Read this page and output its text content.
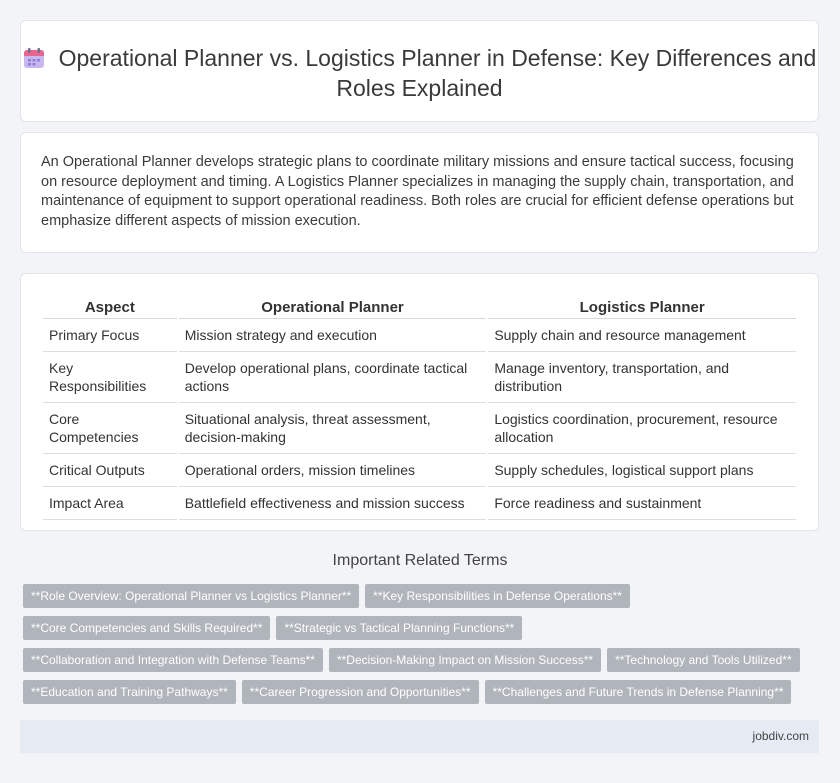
Operational Planner vs. Logistics Planner in Defense: Key Differences and Roles Explained

An Operational Planner develops strategic plans to coordinate military missions and ensure tactical success, focusing on resource deployment and timing. A Logistics Planner specializes in managing the supply chain, transportation, and maintenance of equipment to support operational readiness. Both roles are crucial for efficient defense operations but emphasize different aspects of mission execution.

Aspect	Operational Planner	Logistics Planner
Primary Focus	Mission strategy and execution	Supply chain and resource management
Key Responsibilities	Develop operational plans, coordinate tactical actions	Manage inventory, transportation, and distribution
Core Competencies	Situational analysis, threat assessment, decision-making	Logistics coordination, procurement, resource allocation
Critical Outputs	Operational orders, mission timelines	Supply schedules, logistical support plans
Impact Area	Battlefield effectiveness and mission success	Force readiness and sustainment
Important Related Terms
**Role Overview: Operational Planner vs Logistics Planner** **Key Responsibilities in Defense Operations**
**Core Competencies and Skills Required** **Strategic vs Tactical Planning Functions**
**Collaboration and Integration with Defense Teams** **Decision-Making Impact on Mission Success** **Technology and Tools Utilized**
**Education and Training Pathways** **Career Progression and Opportunities** **Challenges and Future Trends in Defense Planning**
jobdiv.com
